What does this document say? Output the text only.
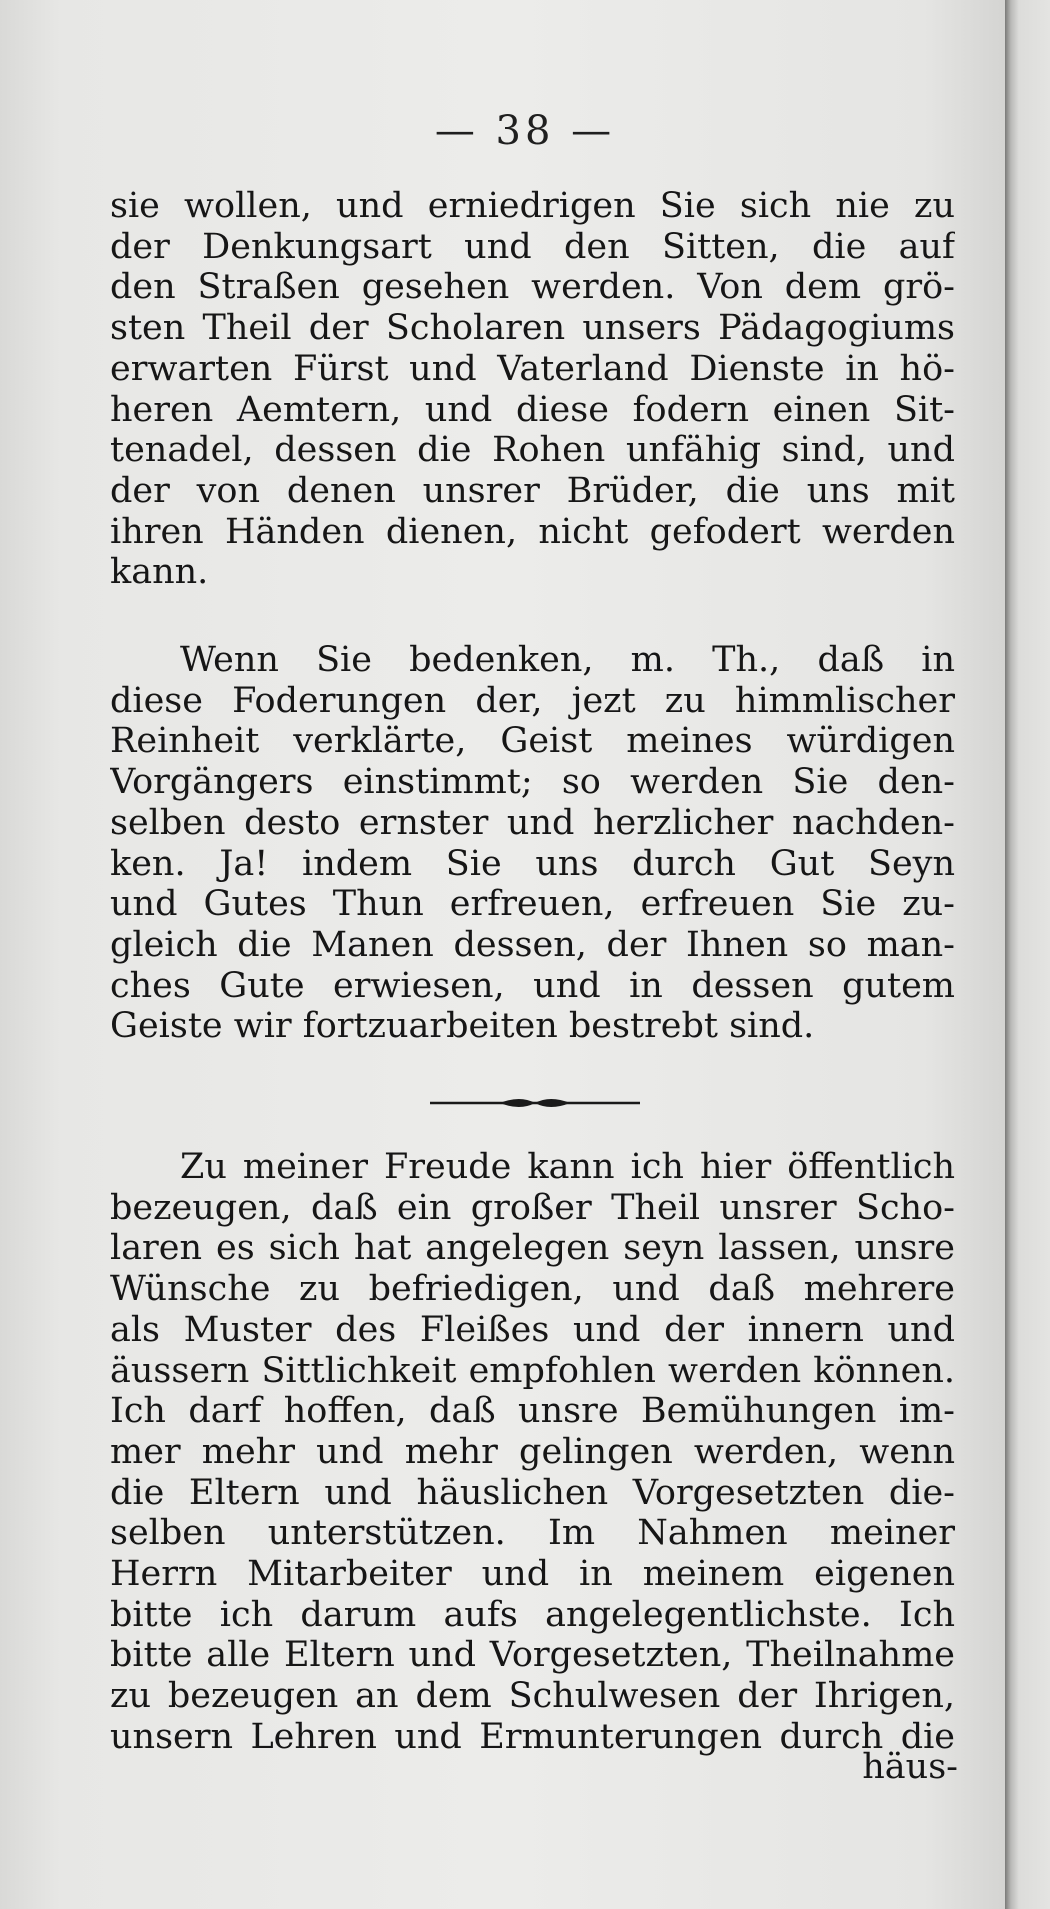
— 38 —
sie wollen, und erniedrigen Sie sich nie zu
der Denkungsart und den Sitten, die auf
den Straßen gesehen werden. Von dem grö-
sten Theil der Scholaren unsers Pädagogiums
erwarten Fürst und Vaterland Dienste in hö-
heren Aemtern, und diese fodern einen Sit-
tenadel, dessen die Rohen unfähig sind, und
der von denen unsrer Brüder, die uns mit
ihren Händen dienen, nicht gefodert werden
kann.
Wenn Sie bedenken, m. Th., daß in
diese Foderungen der, jezt zu himmlischer
Reinheit verklärte, Geist meines würdigen
Vorgängers einstimmt; so werden Sie den-
selben desto ernster und herzlicher nachden-
ken. Ja! indem Sie uns durch Gut Seyn
und Gutes Thun erfreuen, erfreuen Sie zu-
gleich die Manen dessen, der Ihnen so man-
ches Gute erwiesen, und in dessen gutem
Geiste wir fortzuarbeiten bestrebt sind.
Zu meiner Freude kann ich hier öffentlich
bezeugen, daß ein großer Theil unsrer Scho-
laren es sich hat angelegen seyn lassen, unsre
Wünsche zu befriedigen, und daß mehrere
als Muster des Fleißes und der innern und
äussern Sittlichkeit empfohlen werden können.
Ich darf hoffen, daß unsre Bemühungen im-
mer mehr und mehr gelingen werden, wenn
die Eltern und häuslichen Vorgesetzten die-
selben unterstützen. Im Nahmen meiner
Herrn Mitarbeiter und in meinem eigenen
bitte ich darum aufs angelegentlichste. Ich
bitte alle Eltern und Vorgesetzten, Theilnahme
zu bezeugen an dem Schulwesen der Ihrigen,
unsern Lehren und Ermunterungen durch die
häus-
